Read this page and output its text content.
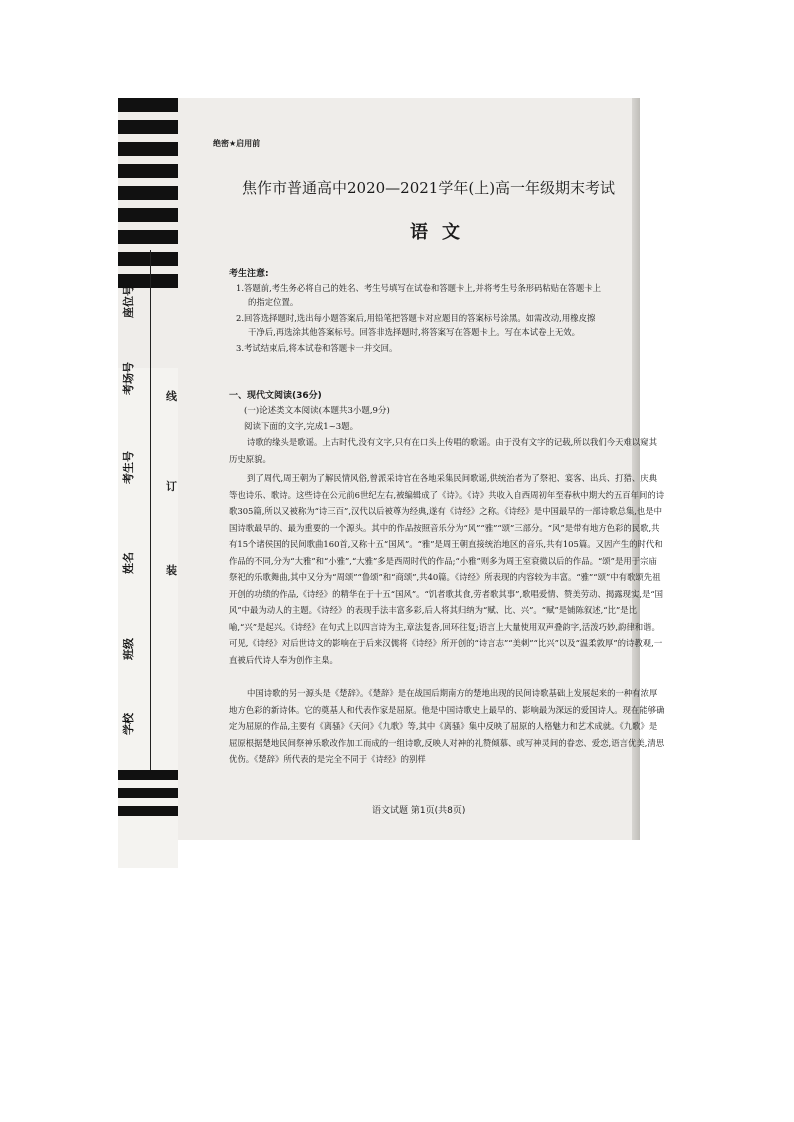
座位号
考场号
考生号
姓名
班级
学校
线
订
装
绝密★启用前
焦作市普通高中2020—2021学年(上)高一年级期末考试
语文
考生注意:
1.答题前,考生务必将自己的姓名、考生号填写在试卷和答题卡上,并将考生号条形码粘贴在答题卡上
的指定位置。
2.回答选择题时,选出每小题答案后,用铅笔把答题卡对应题目的答案标号涂黑。如需改动,用橡皮擦
干净后,再选涂其他答案标号。回答非选择题时,将答案写在答题卡上。写在本试卷上无效。
3.考试结束后,将本试卷和答题卡一并交回。
一、现代文阅读(36分)
(一)论述类文本阅读(本题共3小题,9分)
阅读下面的文字,完成1~3题。
诗歌的缘头是歌谣。上古时代,没有文字,只有在口头上传唱的歌谣。由于没有文字的记载,所以我们今天难以窥其历史原貌。
到了周代,周王朝为了解民情风俗,曾派采诗官在各地采集民间歌谣,供统治者为了祭祀、宴客、出兵、打猎、庆典等也诗乐、歌诗。这些诗在公元前6世纪左右,被编辑成了《诗》。《诗》共收入自西周初年至春秋中期大约五百年间的诗歌305篇,所以又被称为“诗三百”,汉代以后被尊为经典,遂有《诗经》之称。《诗经》是中国最早的一部诗歌总集,也是中国诗歌最早的、最为重要的一个源头。其中的作品按照音乐分为“风”“雅”“颂”三部分。“风”是带有地方色彩的民歌,共有15个诸侯国的民间歌曲160首,又称十五“国风”。“雅”是周王朝直接统治地区的音乐,共有105篇。又因产生的时代和作品的不同,分为“大雅”和“小雅”,“大雅”多是西周时代的作品;“小雅”则多为周王室衰微以后的作品。“颂”是用于宗庙祭祀的乐歌舞曲,其中又分为“周颂”“鲁颂”和“商颂”,共40篇。《诗经》所表现的内容较为丰富。“雅”“颂”中有歌颂先祖开创的功绩的作品,《诗经》的精华在于十五“国风”。“饥者歌其食,劳者歌其事”,歌唱爱情、赞美劳动、揭露现实,是“国风”中最为动人的主题。《诗经》的表现手法丰富多彩,后人将其归纳为“赋、比、兴”。“赋”是铺陈叙述,“比”是比喻,“兴”是起兴。《诗经》在句式上以四言诗为主,章法复沓,回环往复;语言上大量使用双声叠韵字,活泼巧妙,韵律和谐。可见,《诗经》对后世诗文的影响在于后来汉儒将《诗经》所开创的“诗言志”“美刺”“比兴”以及“温柔敦厚”的诗教观,一直被后代诗人奉为创作主臬。
中国诗歌的另一源头是《楚辞》。《楚辞》是在战国后期南方的楚地出现的民间诗歌基础上发展起来的一种有浓厚地方色彩的新诗体。它的奠基人和代表作家是屈原。他是中国诗歌史上最早的、影响最为深远的爱国诗人。现在能够确定为屈原的作品,主要有《离骚》《天问》《九歌》等,其中《离骚》集中反映了屈原的人格魅力和艺术成就。《九歌》是屈原根据楚地民间祭神乐歌改作加工而成的一组诗歌,反映人对神的礼赞倾慕、或写神灵间的眷恋、爱恋,语言优美,清思优伤。《楚辞》所代表的是完全不同于《诗经》的别样
语文试题 第1页(共8页)
